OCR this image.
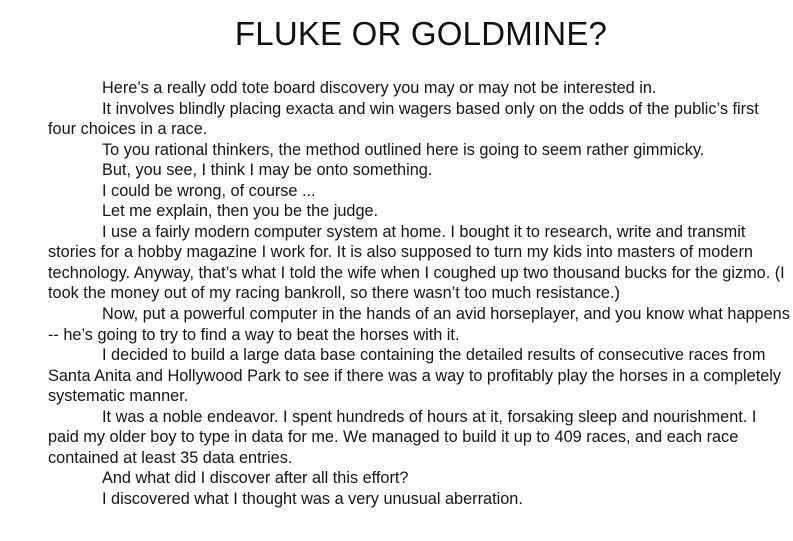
FLUKE OR GOLDMINE?

Here’s a really odd tote board discovery you may or may not be interested in.

It involves blindly placing exacta and win wagers based only on the odds of the public’s first four choices in a race.

To you rational thinkers, the method outlined here is going to seem rather gimmicky.

But, you see, I think I may be onto something.

I could be wrong, of course ...

Let me explain, then you be the judge.

I use a fairly modern computer system at home. I bought it to research, write and transmit stories for a hobby magazine I work for. It is also supposed to turn my kids into masters of modern technology. Anyway, that’s what I told the wife when I coughed up two thousand bucks for the gizmo. (I took the money out of my racing bankroll, so there wasn’t too much resistance.)

Now, put a powerful computer in the hands of an avid horseplayer, and you know what happens -- he’s going to try to find a way to beat the horses with it.

I decided to build a large data base containing the detailed results of consecutive races from Santa Anita and Hollywood Park to see if there was a way to profitably play the horses in a completely systematic manner.

It was a noble endeavor. I spent hundreds of hours at it, forsaking sleep and nourishment. I paid my older boy to type in data for me. We managed to build it up to 409 races, and each race contained at least 35 data entries.

And what did I discover after all this effort?

I discovered what I thought was a very unusual aberration.
